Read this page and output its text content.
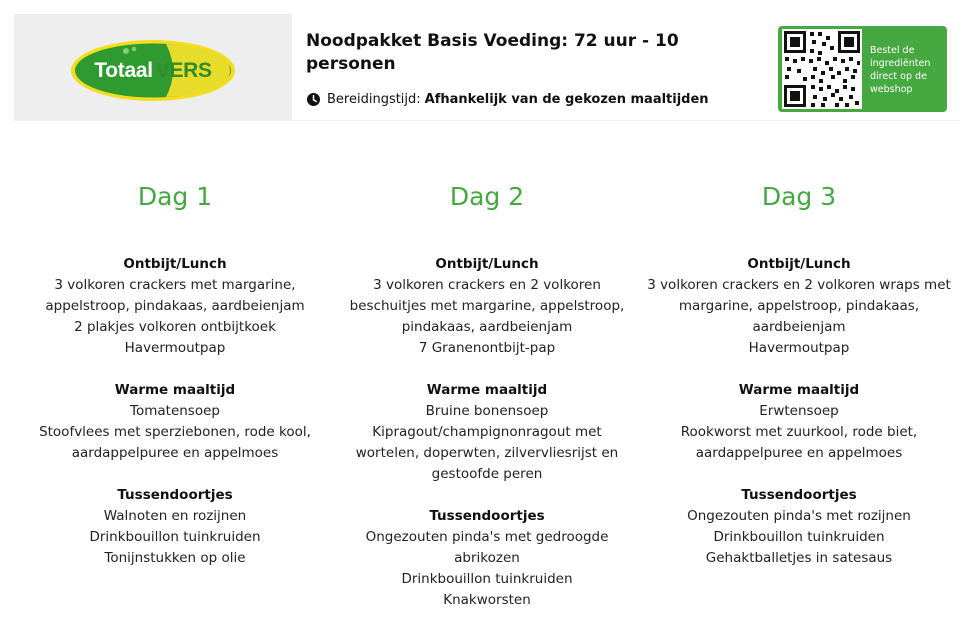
Totaal VERS
Noodpakket Basis Voeding: 72 uur - 10 personen
Bereidingstijd: Afhankelijk van de gekozen maaltijden
Bestel de ingrediënten direct op de webshop
Dag 1
Ontbijt/Lunch
3 volkoren crackers met margarine, appelstroop, pindakaas, aardbeienjam
2 plakjes volkoren ontbijtkoek
Havermoutpap
Warme maaltijd
Tomatensoep
Stoofvlees met sperziebonen, rode kool, aardappelpuree en appelmoes
Tussendoortjes
Walnoten en rozijnen
Drinkbouillon tuinkruiden
Tonijnstukken op olie
Dag 2
Ontbijt/Lunch
3 volkoren crackers en 2 volkoren beschuitjes met margarine, appelstroop, pindakaas, aardbeienjam
7 Granenontbijt-pap
Warme maaltijd
Bruine bonensoep
Kipragout/champignonragout met wortelen, doperwten, zilvervliesrijst en gestoofde peren
Tussendoortjes
Ongezouten pinda's met gedroogde abrikozen
Drinkbouillon tuinkruiden
Knakworsten
Dag 3
Ontbijt/Lunch
3 volkoren crackers en 2 volkoren wraps met margarine, appelstroop, pindakaas, aardbeienjam
Havermoutpap
Warme maaltijd
Erwtensoep
Rookworst met zuurkool, rode biet, aardappelpuree en appelmoes
Tussendoortjes
Ongezouten pinda's met rozijnen
Drinkbouillon tuinkruiden
Gehaktballetjes in satesaus
